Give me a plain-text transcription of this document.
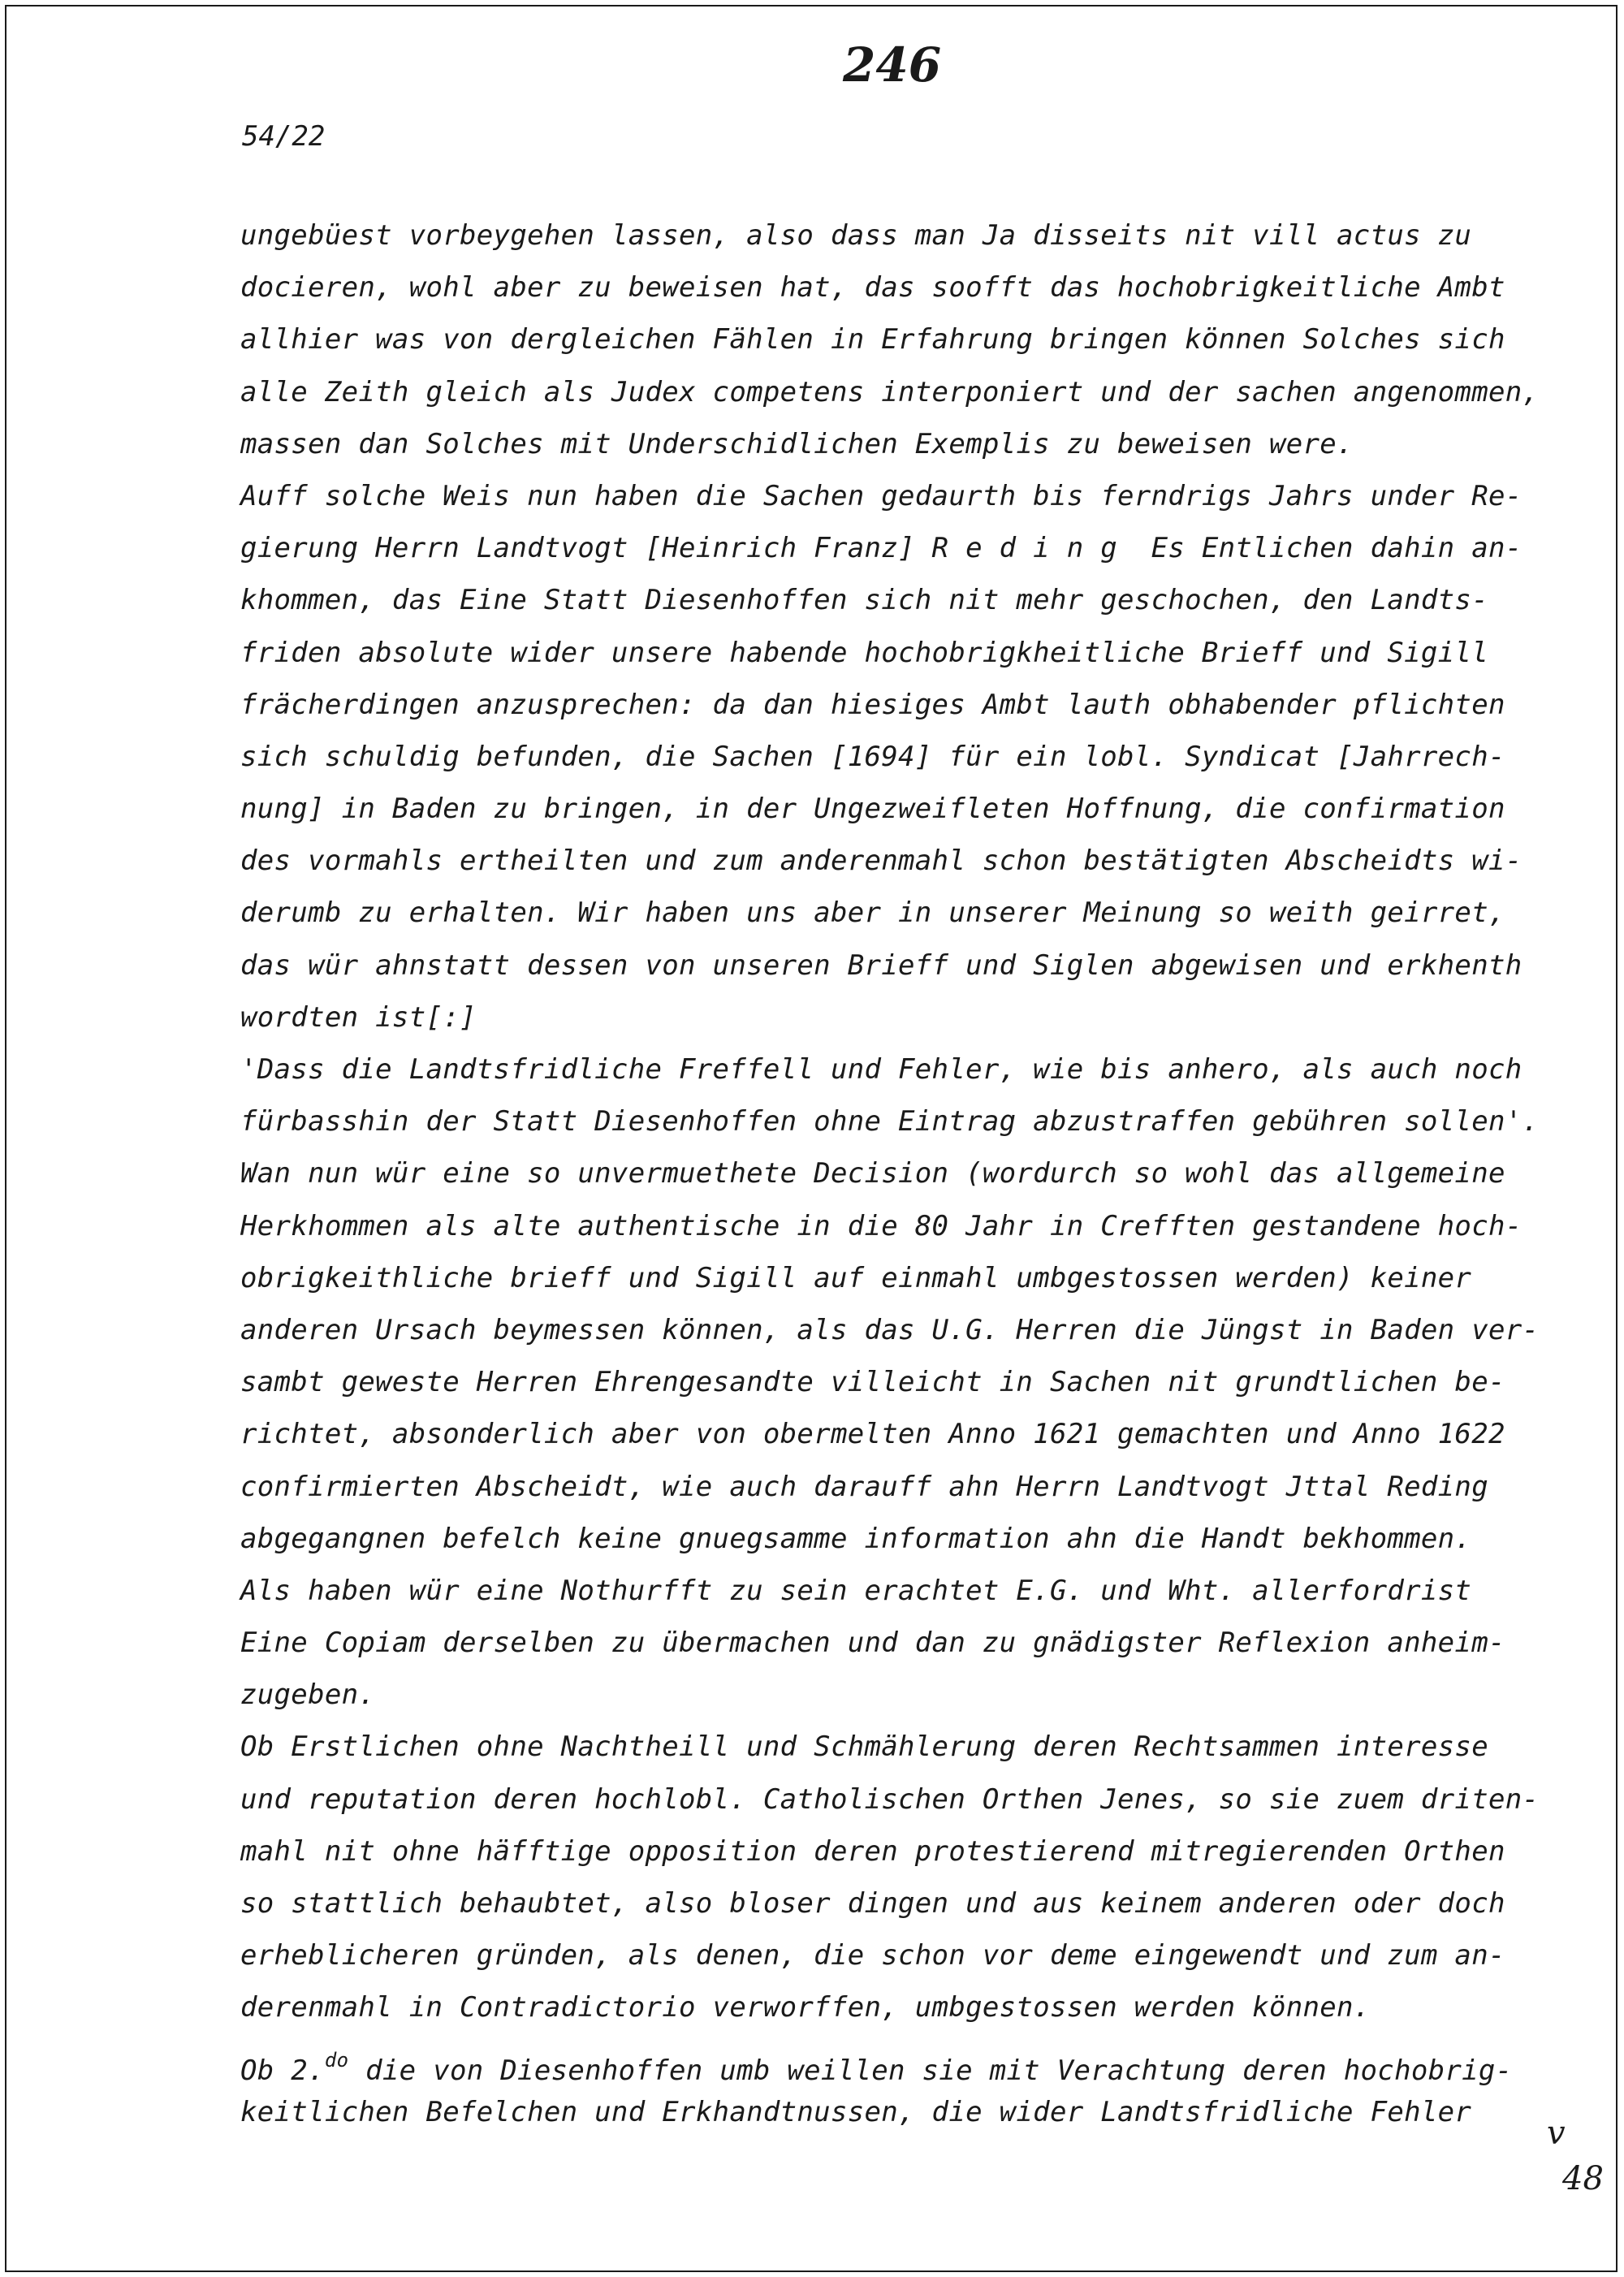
246
54/22
ungebüest vorbeygehen lassen, also dass man Ja disseits nit vill actus zu
docieren, wohl aber zu beweisen hat, das soofft das hochobrigkeitliche Ambt
allhier was von dergleichen Fählen in Erfahrung bringen können Solches sich
alle Zeith gleich als Judex competens interponiert und der sachen angenommen,
massen dan Solches mit Underschidlichen Exemplis zu beweisen were.
Auff solche Weis nun haben die Sachen gedaurth bis ferndrigs Jahrs under Re-
gierung Herrn Landtvogt [Heinrich Franz] R e d i n g  Es Entlichen dahin an-
khommen, das Eine Statt Diesenhoffen sich nit mehr geschochen, den Landts-
friden absolute wider unsere habende hochobrigkheitliche Brieff und Sigill
frächerdingen anzusprechen: da dan hiesiges Ambt lauth obhabender pflichten
sich schuldig befunden, die Sachen [1694] für ein lobl. Syndicat [Jahrrech-
nung] in Baden zu bringen, in der Ungezweifleten Hoffnung, die confirmation
des vormahls ertheilten und zum anderenmahl schon bestätigten Abscheidts wi-
derumb zu erhalten. Wir haben uns aber in unserer Meinung so weith geirret,
das wür ahnstatt dessen von unseren Brieff und Siglen abgewisen und erkhenth
wordten ist[:]
'Dass die Landtsfridliche Freffell und Fehler, wie bis anhero, als auch noch
fürbasshin der Statt Diesenhoffen ohne Eintrag abzustraffen gebühren sollen'.
Wan nun wür eine so unvermuethete Decision (wordurch so wohl das allgemeine
Herkhommen als alte authentische in die 80 Jahr in Crefften gestandene hoch-
obrigkeithliche brieff und Sigill auf einmahl umbgestossen werden) keiner
anderen Ursach beymessen können, als das U.G. Herren die Jüngst in Baden ver-
sambt geweste Herren Ehrengesandte villeicht in Sachen nit grundtlichen be-
richtet, absonderlich aber von obermelten Anno 1621 gemachten und Anno 1622
confirmierten Abscheidt, wie auch darauff ahn Herrn Landtvogt Jttal Reding
abgegangnen befelch keine gnuegsamme information ahn die Handt bekhommen.
Als haben wür eine Nothurfft zu sein erachtet E.G. und Wht. allerfordrist
Eine Copiam derselben zu übermachen und dan zu gnädigster Reflexion anheim-
zugeben.
Ob Erstlichen ohne Nachtheill und Schmählerung deren Rechtsammen interesse
und reputation deren hochlobl. Catholischen Orthen Jenes, so sie zuem driten-
mahl nit ohne häfftige opposition deren protestierend mitregierenden Orthen
so stattlich behaubtet, also bloser dingen und aus keinem anderen oder doch
erheblicheren gründen, als denen, die schon vor deme eingewendt und zum an-
derenmahl in Contradictorio verworffen, umbgestossen werden können.
Ob 2.$^{do}$ die von Diesenhoffen umb weillen sie mit Verachtung deren hochobrig-
keitlichen Befelchen und Erkhandtnussen, die wider Landtsfridliche Fehler
v
48
